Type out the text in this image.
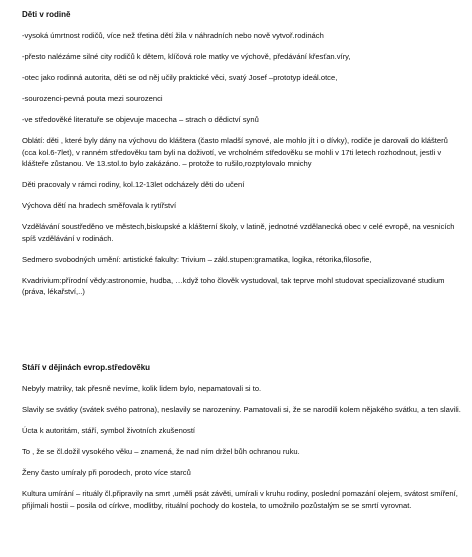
Děti v rodině
-vysoká úmrtnost rodičů, více než třetina dětí žila v náhradních nebo nově vytvoř.rodinách
-přesto nalézáme silné city rodičů k dětem, klíčová role matky ve výchově, předávání křesťan.víry,
-otec jako rodinná autorita, děti se od něj učily praktické věci, svatý Josef –prototyp ideál.otce,
-sourozenci-pevná pouta mezi sourozenci
-ve středověké literatuře se objevuje macecha – strach o dědictví synů
Oblátí: děti , které byly dány na výchovu do kláštera (často mladší synové, ale mohlo jít i o dívky), rodiče je darovali do klášterů (cca kol.6-7let), v ranném středověku tam byli na doživotí, ve vrcholném středověku se mohli v 17ti letech rozhodnout, jestli v klášteře zůstanou. Ve 13.stol.to bylo zakázáno. – protože to rušilo,rozptylovalo mnichy
Děti pracovaly v rámci rodiny, kol.12-13let odcházely děti do učení
Výchova dětí na hradech směřovala k rytířství
Vzdělávání soustředěno ve městech,biskupské a klášterní školy, v latině, jednotné vzdělanecká obec v celé evropě, na vesnicích spíš vzdělávání v rodinách.
Sedmero svobodných umění: artistické fakulty: Trivium – zákl.stupen:gramatika, logika, rétorika,filosofie,
Kvadrivium:přírodní vědy:astronomie, hudba, …když toho člověk vystudoval, tak teprve mohl studovat specializované studium (práva, lékařství,..)
Stáří v dějinách evrop.středověku
Nebyly matriky, tak přesně nevíme, kolik lidem bylo, nepamatovali si to.
Slavily se svátky (svátek svého patrona), neslavily se narozeniny. Pamatovali si, že se narodili kolem nějakého svátku, a ten slavili.
Úcta k autoritám, stáří, symbol životních zkušeností
To , že se čl.dožil vysokého věku – znamená, že nad ním držel bůh ochranou ruku.
Ženy často umíraly při porodech, proto více starců
Kultura umírání – rituály čl.připravily na smrt ,uměli psát závěti, umírali v kruhu rodiny, poslední pomazání olejem, svátost smíření, přijímali hostii – posila od církve, modlitby, rituální pochody do kostela, to umožnilo pozůstalým se se smrtí vyrovnat.
